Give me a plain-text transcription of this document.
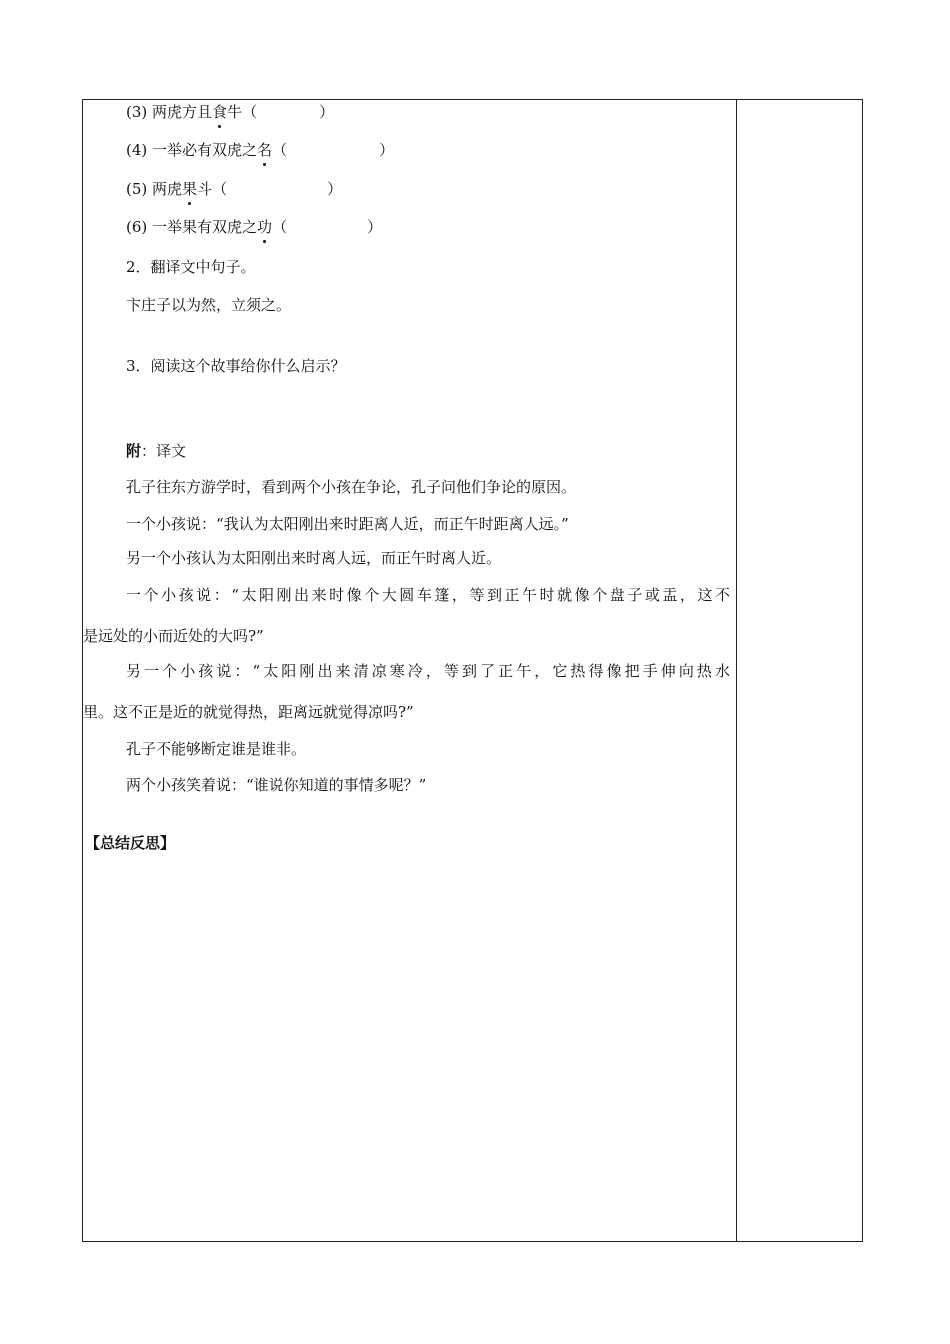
(3) 两虎方且食牛（	）
(4) 一举必有双虎之名（	）
(5) 两虎果斗（	）
(6) 一举果有双虎之功（	）
2．翻译文中句子。
卞庄子以为然，立须之。
3．阅读这个故事给你什么启示？
附：译文
孔子往东方游学时，看到两个小孩在争论，孔子问他们争论的原因。
一个小孩说：“我认为太阳刚出来时距离人近，而正午时距离人远。”
另一个小孩认为太阳刚出来时离人远，而正午时离人近。
一个小孩说：“太阳刚出来时像个大圆车篷，等到正午时就像个盘子或盂，这不
是远处的小而近处的大吗?”
另一个小孩说：“太阳刚出来清凉寒冷，等到了正午，它热得像把手伸向热水
里。这不正是近的就觉得热，距离远就觉得凉吗?”
孔子不能够断定谁是谁非。
两个小孩笑着说：“谁说你知道的事情多呢？”
【总结反思】
